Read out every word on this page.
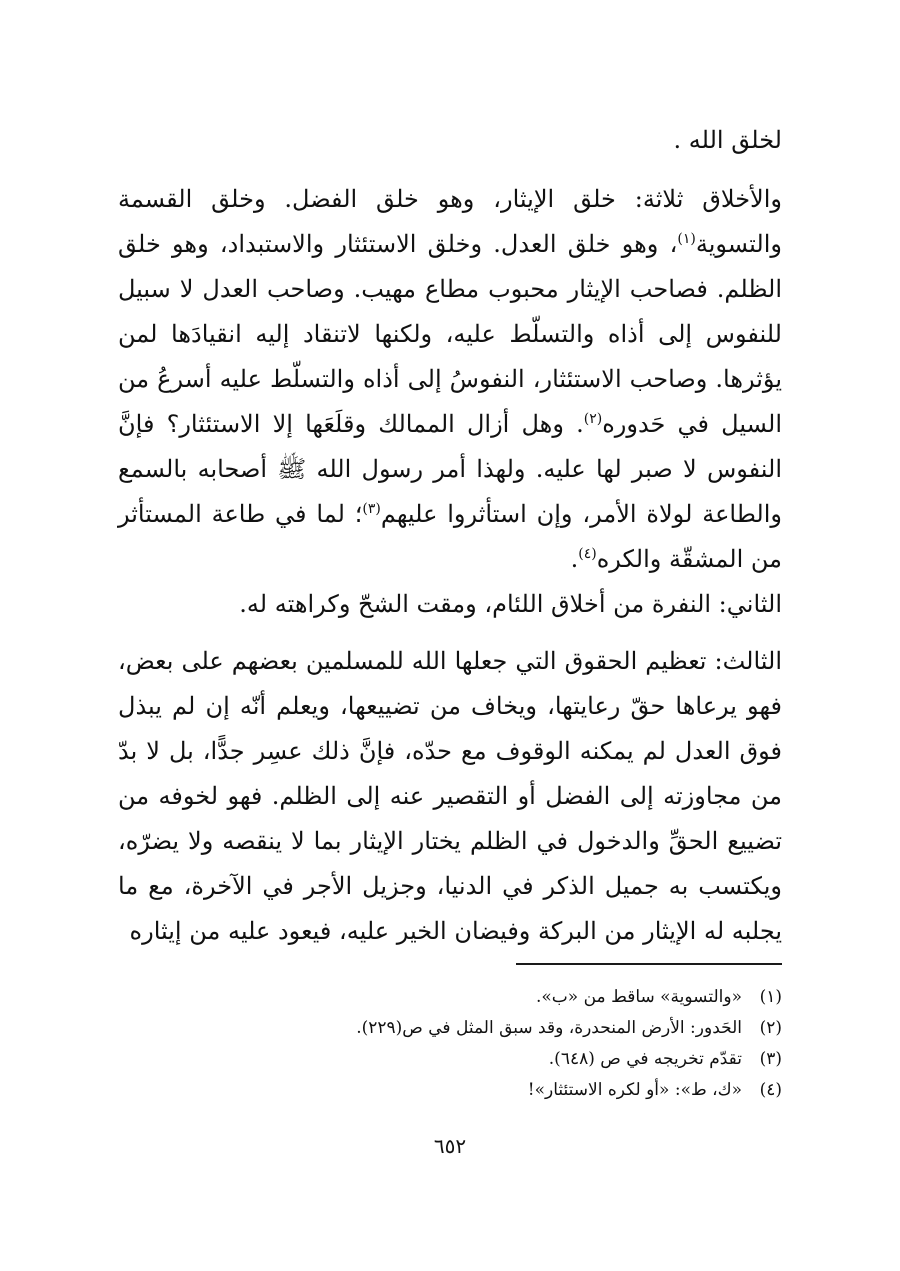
لخلق الله .

والأخلاق ثلاثة: خلق الإيثار، وهو خلق الفضل. وخلق القسمة والتسوية$^{(١)}$، وهو خلق العدل. وخلق الاستئثار والاستبداد، وهو خلق الظلم. فصاحب الإيثار محبوب مطاع مهيب. وصاحب العدل لا سبيل للنفوس إلى أذاه والتسلّط عليه، ولكنها لاتنقاد إليه انقيادَها لمن يؤثرها. وصاحب الاستئثار، النفوسُ إلى أذاه والتسلّط عليه أسرعُ من السيل في حَدوره$^{(٢)}$. وهل أزال الممالك وقلَعَها إلا الاستئثار؟ فإنَّ النفوس لا صبر لها عليه. ولهذا أمر رسول الله ﷺ أصحابه بالسمع والطاعة لولاة الأمر، وإن استأثروا عليهم$^{(٣)}$؛ لما في طاعة المستأثر من المشقّة والكره$^{(٤)}$.

الثاني: النفرة من أخلاق اللئام، ومقت الشحّ وكراهته له.

الثالث: تعظيم الحقوق التي جعلها الله للمسلمين بعضهم على بعض، فهو يرعاها حقّ رعايتها، ويخاف من تضييعها، ويعلم أنّه إن لم يبذل فوق العدل لم يمكنه الوقوف مع حدّه، فإنَّ ذلك عسِر جدًّا، بل لا بدّ من مجاوزته إلى الفضل أو التقصير عنه إلى الظلم. فهو لخوفه من تضييع الحقِّ والدخول في الظلم يختار الإيثار بما لا ينقصه ولا يضرّه، ويكتسب به جميل الذكر في الدنيا، وجزيل الأجر في الآخرة، مع ما يجلبه له الإيثار من البركة وفيضان الخير عليه، فيعود عليه من إيثاره

(١)«والتسوية» ساقط من «ب».
(٢)الحَدور: الأرض المنحدرة، وقد سبق المثل في ص(٢٢٩).
(٣)تقدّم تخريجه في ص (٦٤٨).
(٤)«ك، ط»: «أو لكره الاستئثار»!
٦٥٢
